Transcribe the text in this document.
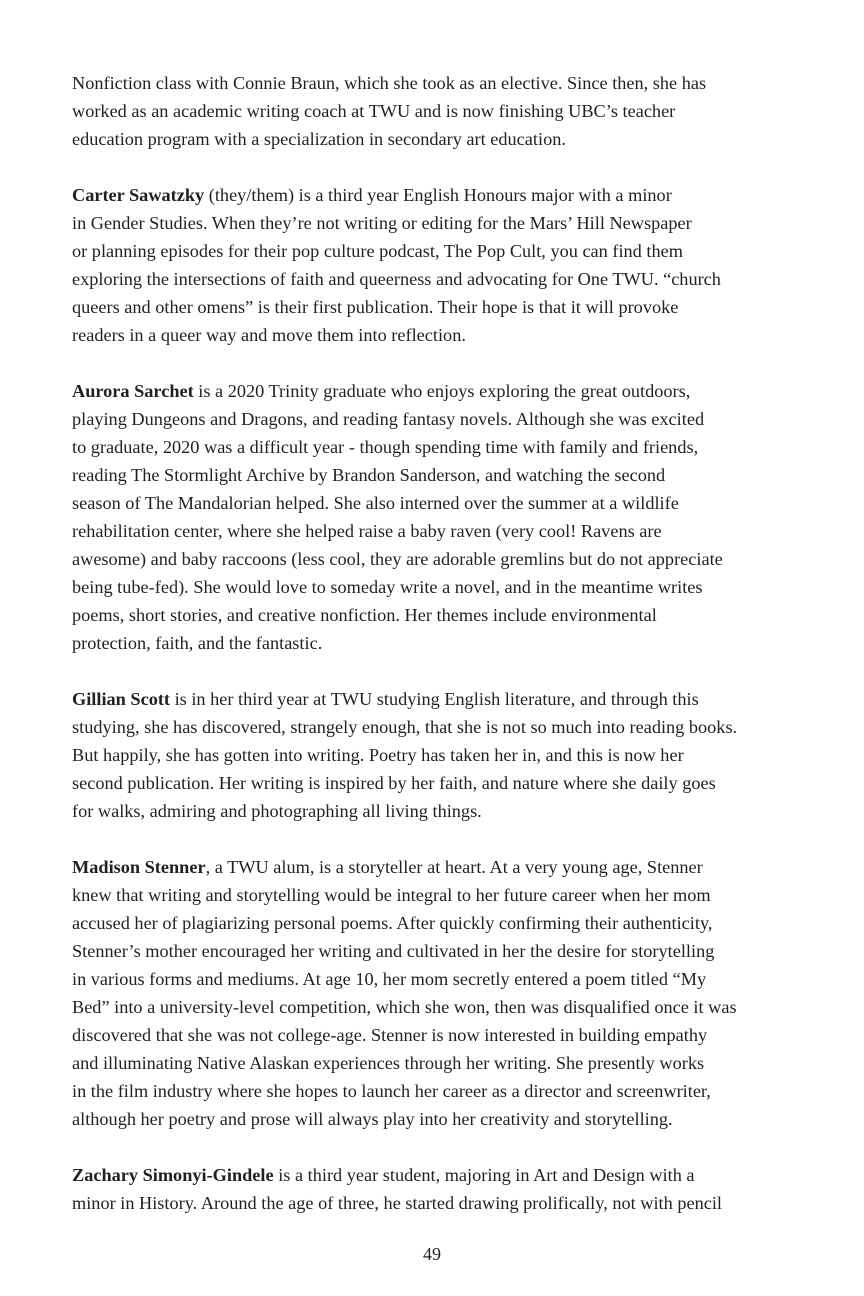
Nonfiction class with Connie Braun, which she took as an elective. Since then, she has
worked as an academic writing coach at TWU and is now finishing UBC’s teacher
education program with a specialization in secondary art education.

Carter Sawatzky (they/them) is a third year English Honours major with a minor
in Gender Studies. When they’re not writing or editing for the Mars’ Hill Newspaper
or planning episodes for their pop culture podcast, The Pop Cult, you can find them
exploring the intersections of faith and queerness and advocating for One TWU. “church
queers and other omens” is their first publication. Their hope is that it will provoke
readers in a queer way and move them into reflection.

Aurora Sarchet is a 2020 Trinity graduate who enjoys exploring the great outdoors,
playing Dungeons and Dragons, and reading fantasy novels. Although she was excited
to graduate, 2020 was a difficult year - though spending time with family and friends,
reading The Stormlight Archive by Brandon Sanderson, and watching the second
season of The Mandalorian helped. She also interned over the summer at a wildlife
rehabilitation center, where she helped raise a baby raven (very cool! Ravens are
awesome) and baby raccoons (less cool, they are adorable gremlins but do not appreciate
being tube-fed). She would love to someday write a novel, and in the meantime writes
poems, short stories, and creative nonfiction. Her themes include environmental
protection, faith, and the fantastic.

Gillian Scott is in her third year at TWU studying English literature, and through this
studying, she has discovered, strangely enough, that she is not so much into reading books.
But happily, she has gotten into writing. Poetry has taken her in, and this is now her
second publication. Her writing is inspired by her faith, and nature where she daily goes
for walks, admiring and photographing all living things.

Madison Stenner, a TWU alum, is a storyteller at heart. At a very young age, Stenner
knew that writing and storytelling would be integral to her future career when her mom
accused her of plagiarizing personal poems. After quickly confirming their authenticity,
Stenner’s mother encouraged her writing and cultivated in her the desire for storytelling
in various forms and mediums. At age 10, her mom secretly entered a poem titled “My
Bed” into a university-level competition, which she won, then was disqualified once it was
discovered that she was not college-age. Stenner is now interested in building empathy
and illuminating Native Alaskan experiences through her writing. She presently works
in the film industry where she hopes to launch her career as a director and screenwriter,
although her poetry and prose will always play into her creativity and storytelling.

Zachary Simonyi-Gindele is a third year student, majoring in Art and Design with a
minor in History. Around the age of three, he started drawing prolifically, not with pencil

49
